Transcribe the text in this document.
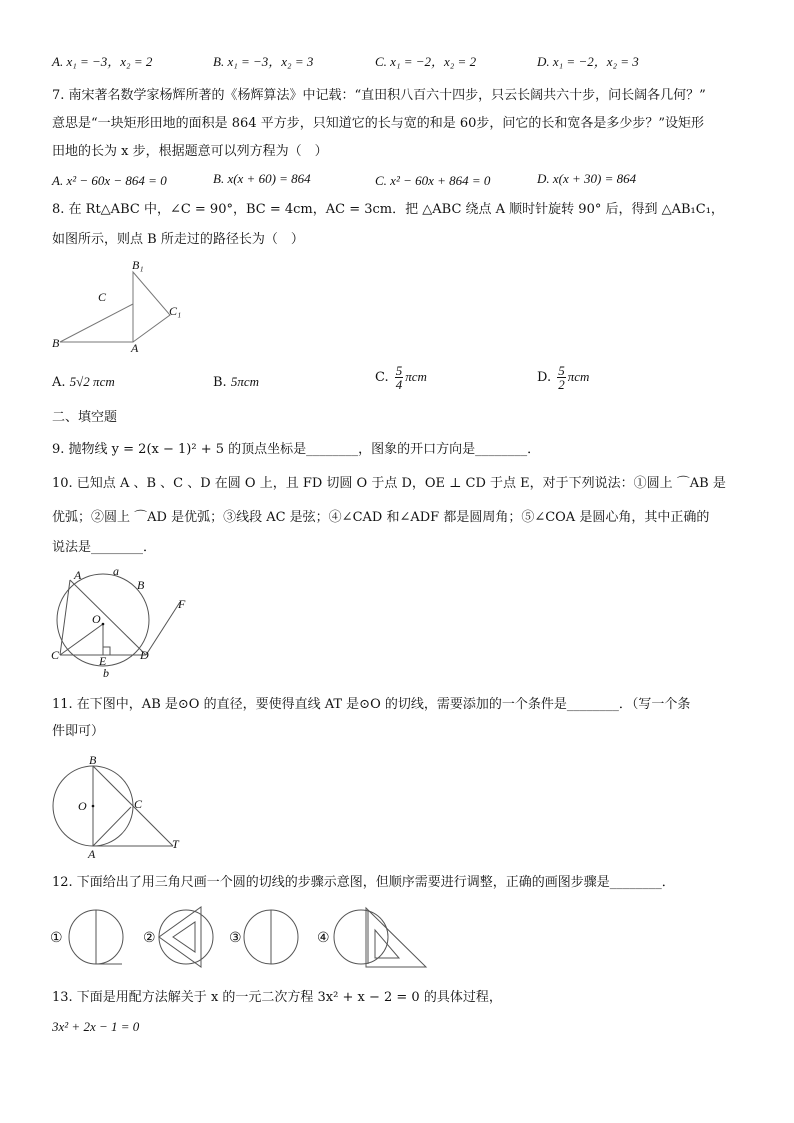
A. x₁ = −3，x₂ = 2	B. x₁ = −3，x₂ = 3	C. x₁ = −2，x₂ = 2	D. x₁ = −2，x₂ = 3
7. 南宋著名数学家杨辉所著的《杨辉算法》中记载：“直田积八百六十四步，只云长阔共六十步，问长阔各几何？”
意思是“一块矩形田地的面积是 864 平方步，只知道它的长与宽的和是 60步，问它的长和宽各是多少步？”设矩形
田地的长为 x 步，根据题意可以列方程为（　）
A. x² − 60x − 864 = 0	B. x(x + 60) = 864	C. x² − 60x + 864 = 0	D. x(x + 30) = 864
8. 在 Rt△ABC 中，∠C = 90°，BC = 4cm，AC = 3cm．把 △ABC 绕点 A 顺时针旋转 90° 后，得到 △AB₁C₁，
如图所示，则点 B 所走过的路径长为（　）
B₁
C
C₁
B	A
A. 5√2 πcm	B. 5πcm	C. $\frac{5}{4}$ πcm	D. $\frac{5}{2}$ πcm
二、填空题
9. 抛物线 y = 2(x − 1)² + 5 的顶点坐标是________，图象的开口方向是________．
10. 已知点 A 、B 、C 、D 在圆 O 上，且 FD 切圆 O 于点 D，OE ⊥ CD 于点 E，对于下列说法：①圆上 ⌒AB 是
优弧；②圆上 ⌒AD 是优弧；③线段 AC 是弦；④∠CAD 和∠ADF 都是圆周角；⑤∠COA 是圆心角，其中正确的
说法是________．
A	a
B
F
O
C	E	D
b
11. 在下图中，AB 是⊙O 的直径，要使得直线 AT 是⊙O 的切线，需要添加的一个条件是________．（写一个条
件即可）
B
C
O
A
T
12. 下面给出了用三角尺画一个圆的切线的步骤示意图，但顺序需要进行调整，正确的画图步骤是________．
①	②	③	④
13. 下面是用配方法解关于 x 的一元二次方程 3x² + x − 2 = 0 的具体过程，
3x² + 2x − 1 = 0
